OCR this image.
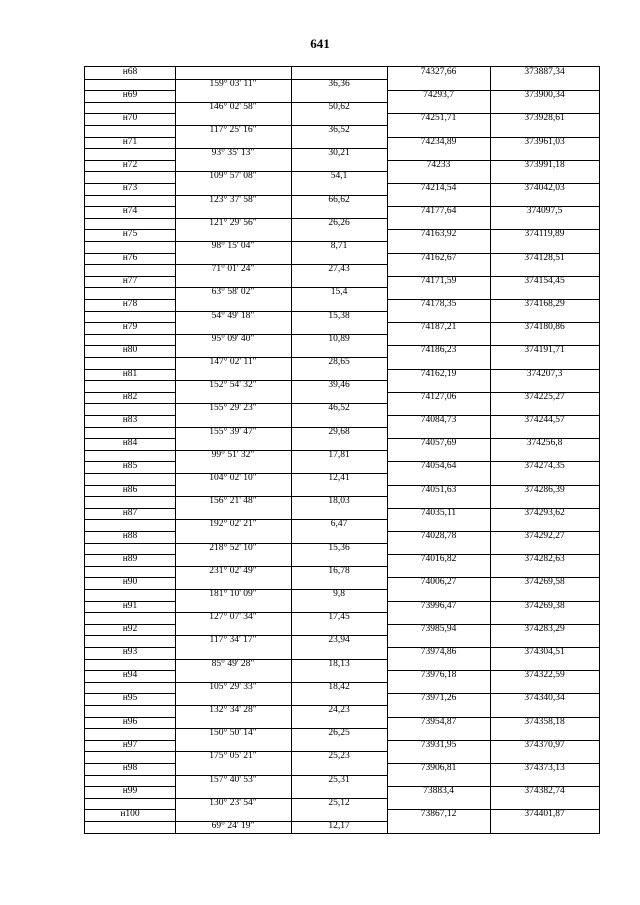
641
н68	74327,66	373887,34
159° 03' 11"	36,36
н69	74293,7	373900,34
146° 02' 58"	50,62
н70	74251,71	373928,61
117° 25' 16"	36,52
н71	74234,89	373961,03
93° 35' 13"	30,21
н72	74233	373991,18
109° 57' 08"	54,1
н73	74214,54	374042,03
123° 37' 58"	66,62
н74	74177,64	374097,5
121° 29' 56"	26,26
н75	74163,92	374119,89
98° 15' 04"	8,71
н76	74162,67	374128,51
71° 01' 24"	27,43
н77	74171,59	374154,45
63° 58' 02"	15,4
н78	74178,35	374168,29
54° 49' 18"	15,38
н79	74187,21	374180,86
95° 09' 40"	10,89
н80	74186,23	374191,71
147° 02' 11"	28,65
н81	74162,19	374207,3
152° 54' 32"	39,46
н82	74127,06	374225,27
155° 29' 23"	46,52
н83	74084,73	374244,57
155° 39' 47"	29,68
н84	74057,69	374256,8
99° 51' 32"	17,81
н85	74054,64	374274,35
104° 02' 10"	12,41
н86	74051,63	374286,39
156° 21' 48"	18,03
н87	74035,11	374293,62
192° 02' 21"	6,47
н88	74028,78	374292,27
218° 52' 10"	15,36
н89	74016,82	374282,63
231° 02' 49"	16,78
н90	74006,27	374269,58
181° 10' 09"	9,8
н91	73996,47	374269,38
127° 07' 34"	17,45
н92	73985,94	374283,29
117° 34' 17"	23,94
н93	73974,86	374304,51
85° 49' 28"	18,13
н94	73976,18	374322,59
105° 29' 33"	18,42
н95	73971,26	374340,34
132° 34' 28"	24,23
н96	73954,87	374358,18
150° 50' 14"	26,25
н97	73931,95	374370,97
175° 05' 21"	25,23
н98	73906,81	374373,13
157° 40' 53"	25,31
н99	73883,4	374382,74
130° 23' 54"	25,12
н100	73867,12	374401,87
69° 24' 19"	12,17
